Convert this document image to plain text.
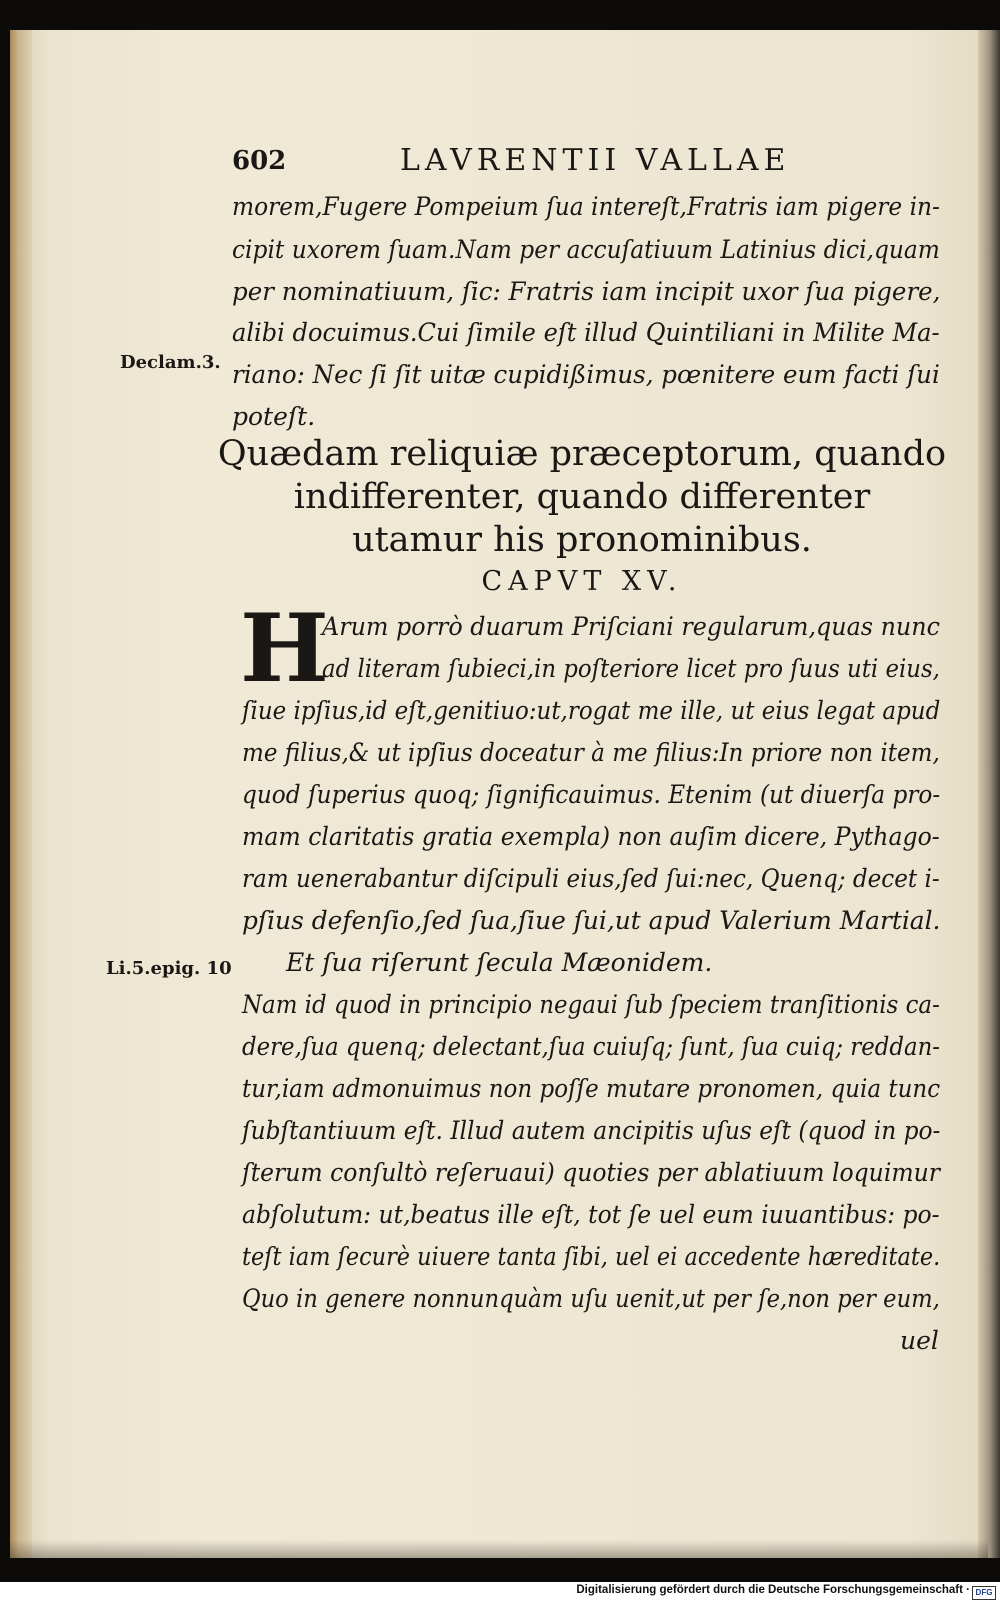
602	LAVRENTII VALLAE
morem,Fugere Pompeium ſua intereſt,Fratris iam pigere in-
cipit uxorem ſuam.Nam per accuſatiuum Latinius dici,quam
per nominatiuum, ſic: Fratris iam incipit uxor ſua pigere,
alibi docuimus.Cui ſimile eſt illud Quintiliani in Milite Ma-
riano: Nec ſi ſit uitæ cupidißimus, pœnitere eum facti ſui
poteſt.
Declam.3.
Quædam reliquiæ præceptorum, quando
indifferenter, quando differenter
utamur his pronominibus.
CAPVT XV.
H
Arum porrò duarum Priſciani regularum,quas nunc
ad literam ſubieci,in poſteriore licet pro ſuus uti eius,
ſiue ipſius,id eſt,genitiuo:ut,rogat me ille, ut eius legat apud
me filius,& ut ipſius doceatur à me filius:In priore non item,
quod ſuperius quoq; ſignificauimus. Etenim (ut diuerſa pro-
mam claritatis gratia exempla) non auſim dicere, Pythago-
ram uenerabantur diſcipuli eius,ſed ſui:nec, Quenq; decet i-
pſius defenſio,ſed ſua,ſiue ſui,ut apud Valerium Martial.
Et ſua riſerunt ſecula Mæonidem.
Nam id quod in principio negaui ſub ſpeciem tranſitionis ca-
dere,ſua quenq; delectant,ſua cuiuſq; ſunt, ſua cuiq; reddan-
tur,iam admonuimus non poſſe mutare pronomen, quia tunc
ſubſtantiuum eſt. Illud autem ancipitis uſus eſt (quod in po-
ſterum conſultò reſeruaui) quoties per ablatiuum loquimur
abſolutum: ut,beatus ille eſt, tot ſe uel eum iuuantibus: po-
teſt iam ſecurè uiuere tanta ſibi, uel ei accedente hæreditate.
Quo in genere nonnunquàm uſu uenit,ut per ſe,non per eum,
uel
Li.5.epig. 10
Digitalisierung gefördert durch die Deutsche Forschungsgemeinschaft · DFG
